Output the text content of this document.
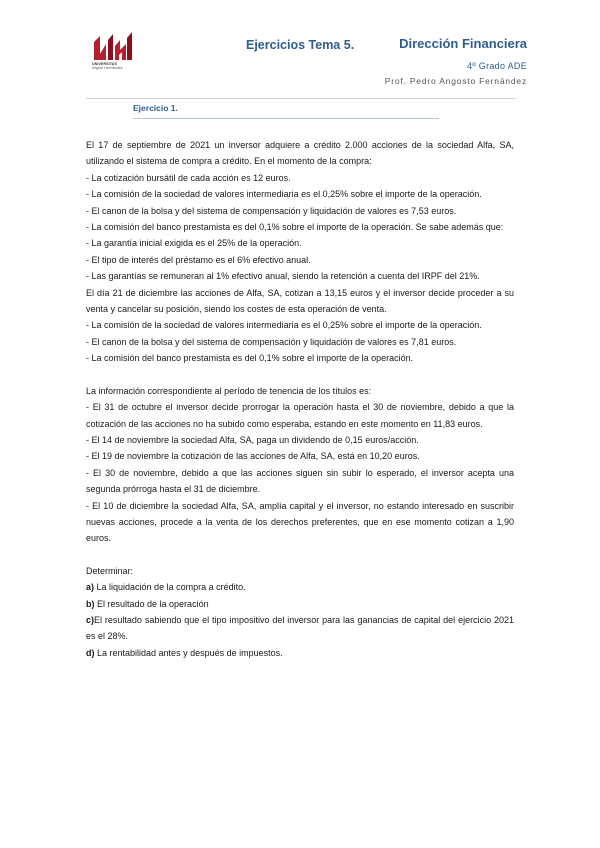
UNIVERSITAS
Miguel Hernández
Ejercicios Tema 5.	Dirección Financiera
4º Grado ADE
Prof. Pedro Angosto Fernández
Ejercicio 1.

El 17 de septiembre de 2021 un inversor adquiere a crédito 2.000 acciones de la sociedad Alfa, SA, utilizando el sistema de compra a crédito. En el momento de la compra:

- La cotización bursátil de cada acción es 12 euros.

- La comisión de la sociedad de valores intermediaria es el 0,25% sobre el importe de la operación.

- El canon de la bolsa y del sistema de compensación y liquidación de valores es 7,53 euros.

- La comisión del banco prestamista es del 0,1% sobre el importe de la operación. Se sabe además que:

- La garantía inicial exigida es el 25% de la operación.

- El tipo de interés del préstamo es el 6% efectivo anual.

- Las garantías se remuneran al 1% efectivo anual, siendo la retención a cuenta del IRPF del 21%.

El día 21 de diciembre las acciones de Alfa, SA, cotizan a 13,15 euros y el inversor decide proceder a su venta y cancelar su posición, siendo los costes de esta operación de venta.

- La comisión de la sociedad de valores intermediaria es el 0,25% sobre el importe de la operación.

- El canon de la bolsa y del sistema de compensación y liquidación de valores es 7,81 euros.

- La comisión del banco prestamista es del 0,1% sobre el importe de la operación.

La información correspondiente al período de tenencia de los títulos es:

- El 31 de octubre el inversor decide prorrogar la operación hasta el 30 de noviembre, debido a que la cotización de las acciones no ha subido como esperaba, estando en este momento en 11,83 euros.

- El 14 de noviembre la sociedad Alfa, SA, paga un dividendo de 0,15 euros/acción.

- El 19 de noviembre la cotización de las acciones de Alfa, SA, está en 10,20 euros.

- El 30 de noviembre, debido a que las acciones siguen sin subir lo esperado, el inversor acepta una segunda prórroga hasta el 31 de diciembre.

- El 10 de diciembre la sociedad Alfa, SA, amplía capital y el inversor, no estando interesado en suscribir nuevas acciones, procede a la venta de los derechos preferentes, que en ese momento cotizan a 1,90 euros.

Determinar:

a) La liquidación de la compra a crédito.

b) El resultado de la operación

c)El resultado sabiendo que el tipo impositivo del inversor para las ganancias de capital del ejercicio 2021 es el 28%.

d) La rentabilidad antes y después de impuestos.
